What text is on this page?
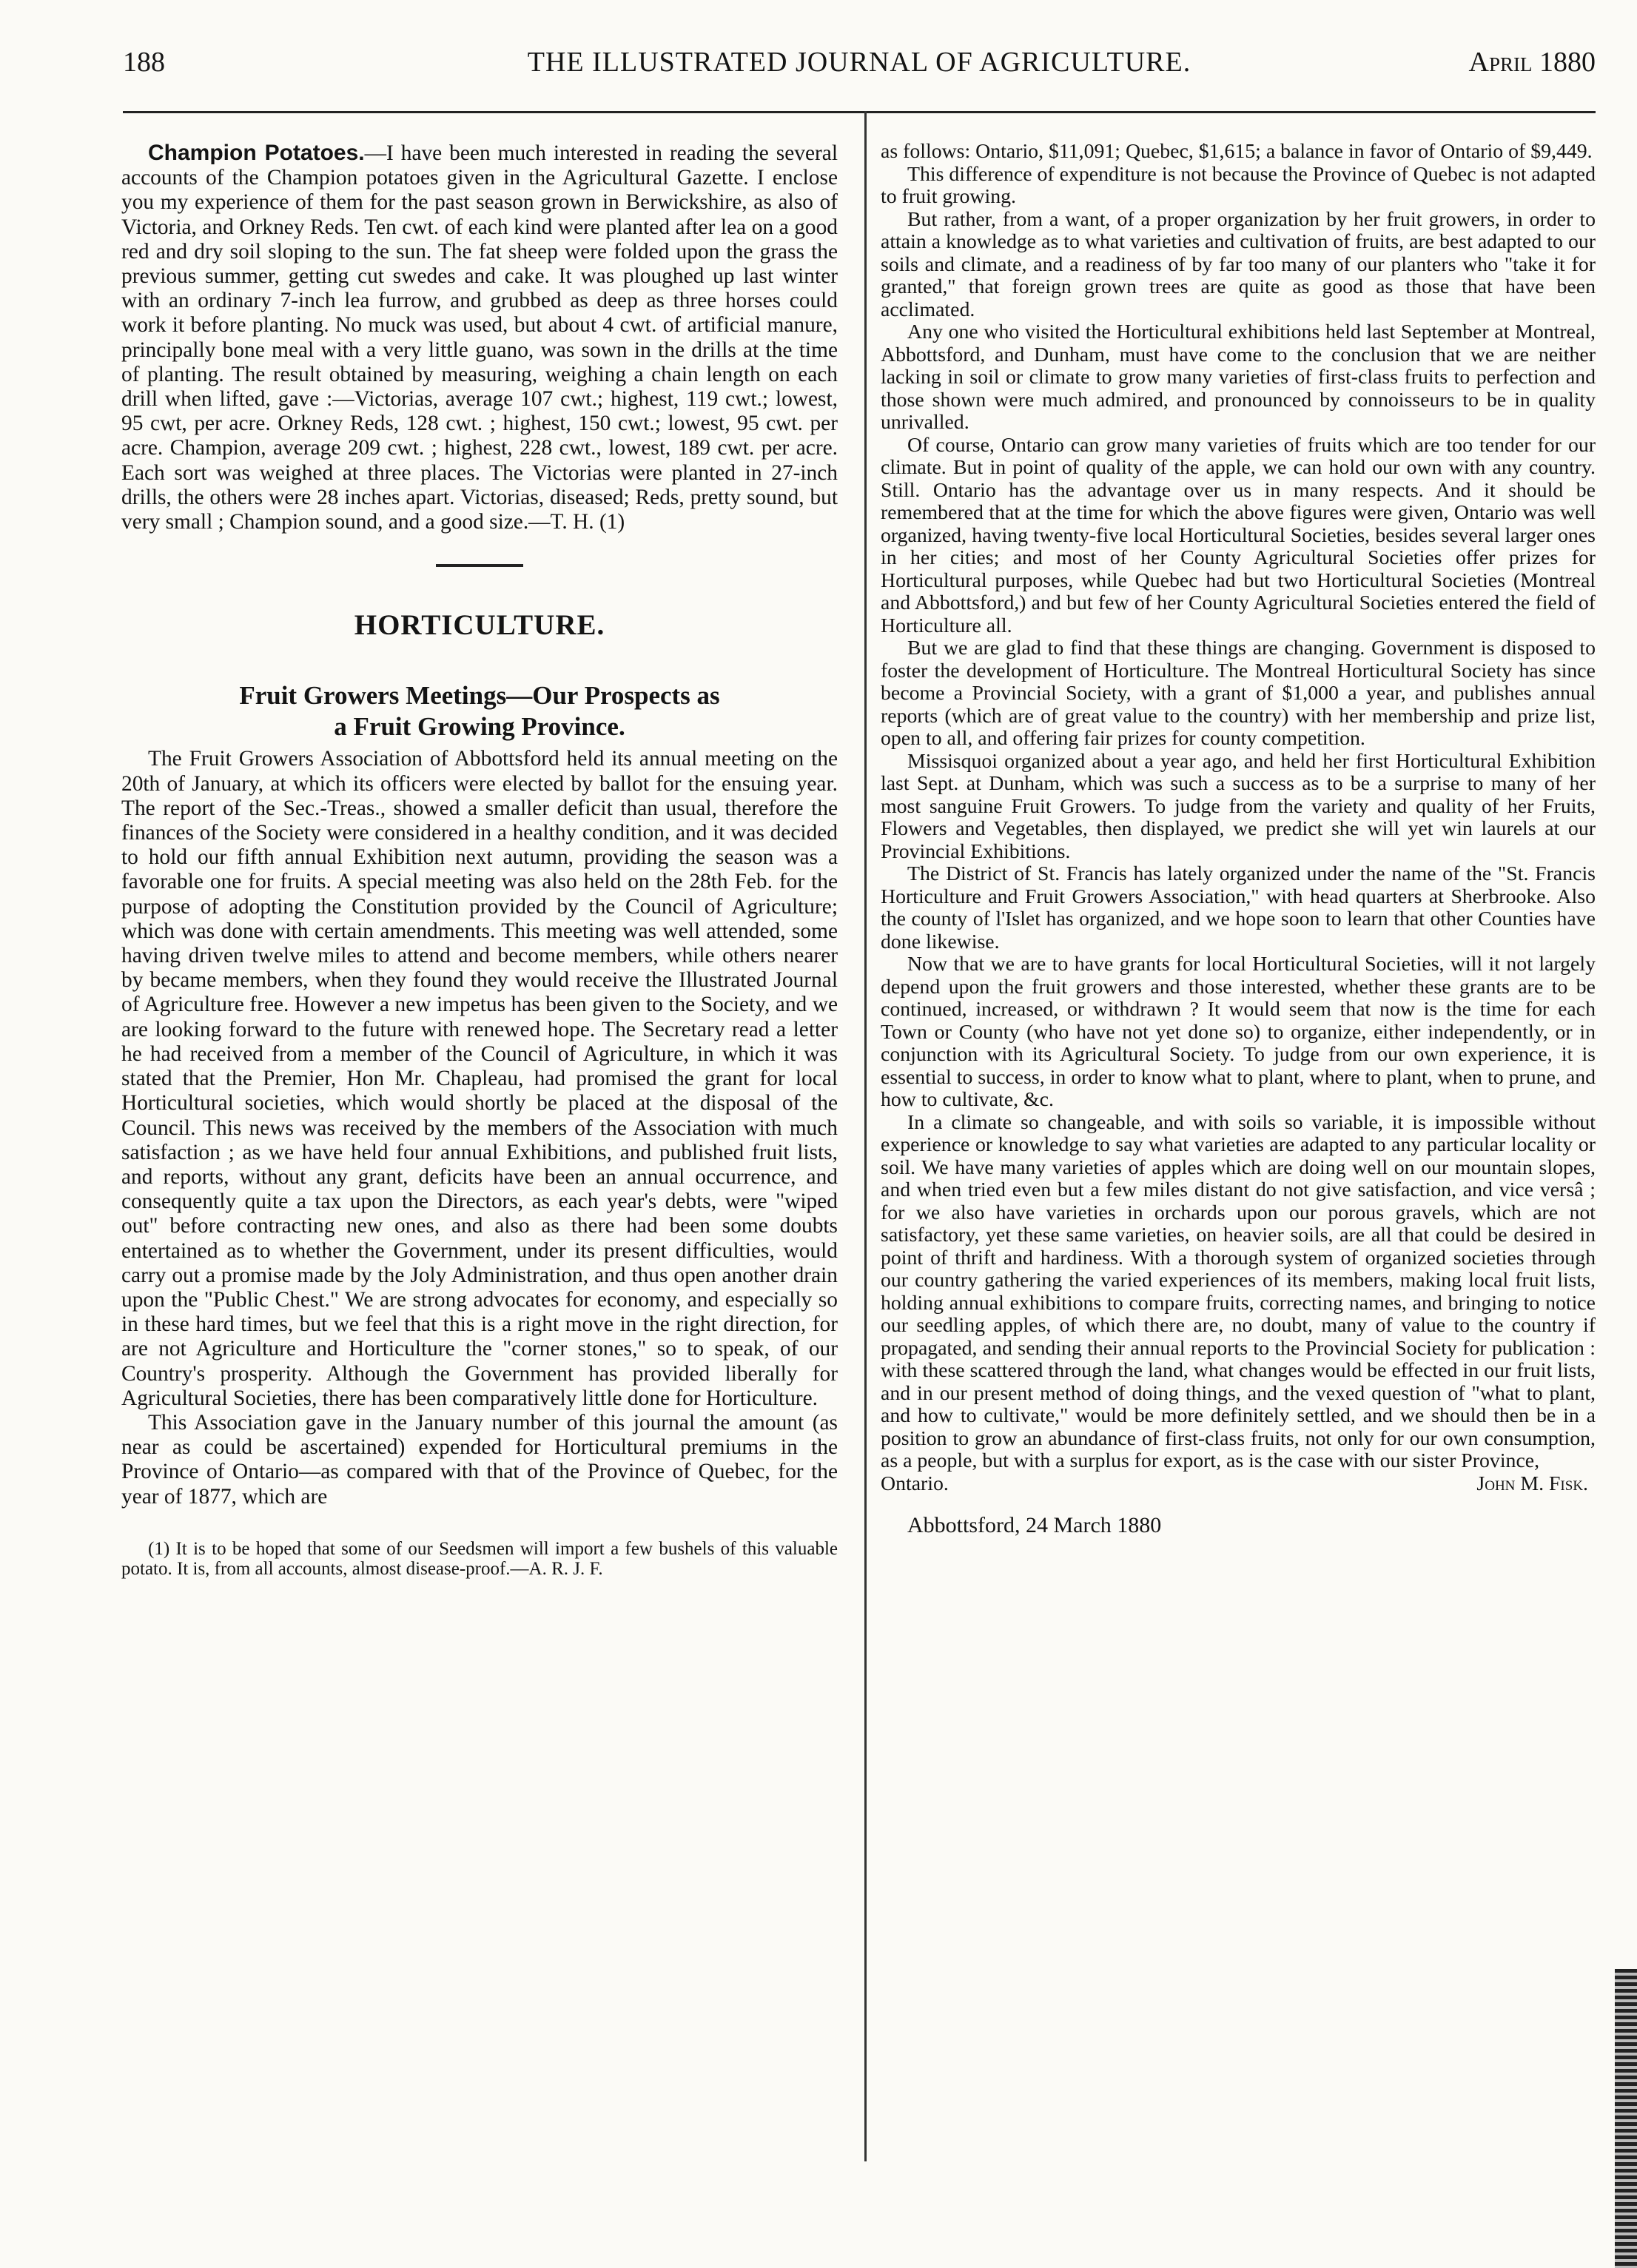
188	THE ILLUSTRATED JOURNAL OF AGRICULTURE.	April 1880

Champion Potatoes.—I have been much interested in reading the several accounts of the Champion potatoes given in the Agricultural Gazette. I enclose you my experience of them for the past season grown in Berwickshire, as also of Victoria, and Orkney Reds. Ten cwt. of each kind were planted after lea on a good red and dry soil sloping to the sun. The fat sheep were folded upon the grass the previous summer, getting cut swedes and cake. It was ploughed up last winter with an ordinary 7-inch lea furrow, and grubbed as deep as three horses could work it before planting. No muck was used, but about 4 cwt. of artificial manure, principally bone meal with a very little guano, was sown in the drills at the time of planting. The result obtained by measuring, weighing a chain length on each drill when lifted, gave :—Victorias, average 107 cwt.; highest, 119 cwt.; lowest, 95 cwt, per acre. Orkney Reds, 128 cwt. ; highest, 150 cwt.; lowest, 95 cwt. per acre. Champion, average 209 cwt. ; highest, 228 cwt., lowest, 189 cwt. per acre. Each sort was weighed at three places. The Victorias were planted in 27-inch drills, the others were 28 inches apart. Victorias, diseased; Reds, pretty sound, but very small ; Champion sound, and a good size.—T. H. (1)

HORTICULTURE.
Fruit Growers Meetings—Our Prospects as
a Fruit Growing Province.

The Fruit Growers Association of Abbottsford held its annual meeting on the 20th of January, at which its officers were elected by ballot for the ensuing year. The report of the Sec.-Treas., showed a smaller deficit than usual, therefore the finances of the Society were considered in a healthy condition, and it was decided to hold our fifth annual Exhibition next autumn, providing the season was a favorable one for fruits. A special meeting was also held on the 28th Feb. for the purpose of adopting the Constitution provided by the Council of Agriculture; which was done with certain amendments. This meeting was well attended, some having driven twelve miles to attend and become members, while others nearer by became members, when they found they would receive the Illustrated Journal of Agriculture free. However a new impetus has been given to the Society, and we are looking forward to the future with renewed hope. The Secretary read a letter he had received from a member of the Council of Agriculture, in which it was stated that the Premier, Hon Mr. Chapleau, had promised the grant for local Horticultural societies, which would shortly be placed at the disposal of the Council. This news was received by the members of the Association with much satisfaction ; as we have held four annual Exhibitions, and published fruit lists, and reports, without any grant, deficits have been an annual occurrence, and consequently quite a tax upon the Directors, as each year's debts, were "wiped out" before contracting new ones, and also as there had been some doubts entertained as to whether the Government, under its present difficulties, would carry out a promise made by the Joly Administration, and thus open another drain upon the "Public Chest." We are strong advocates for economy, and especially so in these hard times, but we feel that this is a right move in the right direction, for are not Agriculture and Horticulture the "corner stones," so to speak, of our Country's prosperity. Although the Government has provided liberally for Agricultural Societies, there has been comparatively little done for Horticulture.

This Association gave in the January number of this journal the amount (as near as could be ascertained) expended for Horticultural premiums in the Province of Ontario—as compared with that of the Province of Quebec, for the year of 1877, which are

(1) It is to be hoped that some of our Seedsmen will import a few bushels of this valuable potato. It is, from all accounts, almost disease-proof.—A. R. J. F.

as follows: Ontario, $11,091; Quebec, $1,615; a balance in favor of Ontario of $9,449.

This difference of expenditure is not because the Province of Quebec is not adapted to fruit growing.

But rather, from a want, of a proper organization by her fruit growers, in order to attain a knowledge as to what varieties and cultivation of fruits, are best adapted to our soils and climate, and a readiness of by far too many of our planters who "take it for granted," that foreign grown trees are quite as good as those that have been acclimated.

Any one who visited the Horticultural exhibitions held last September at Montreal, Abbottsford, and Dunham, must have come to the conclusion that we are neither lacking in soil or climate to grow many varieties of first-class fruits to perfection and those shown were much admired, and pronounced by connoisseurs to be in quality unrivalled.

Of course, Ontario can grow many varieties of fruits which are too tender for our climate. But in point of quality of the apple, we can hold our own with any country. Still. Ontario has the advantage over us in many respects. And it should be remembered that at the time for which the above figures were given, Ontario was well organized, having twenty-five local Horticultural Societies, besides several larger ones in her cities; and most of her County Agricultural Societies offer prizes for Horticultural purposes, while Quebec had but two Horticultural Societies (Montreal and Abbottsford,) and but few of her County Agricultural Societies entered the field of Horticulture all.

But we are glad to find that these things are changing. Government is disposed to foster the development of Horticulture. The Montreal Horticultural Society has since become a Provincial Society, with a grant of $1,000 a year, and publishes annual reports (which are of great value to the country) with her membership and prize list, open to all, and offering fair prizes for county competition.

Missisquoi organized about a year ago, and held her first Horticultural Exhibition last Sept. at Dunham, which was such a success as to be a surprise to many of her most sanguine Fruit Growers. To judge from the variety and quality of her Fruits, Flowers and Vegetables, then displayed, we predict she will yet win laurels at our Provincial Exhibitions.

The District of St. Francis has lately organized under the name of the "St. Francis Horticulture and Fruit Growers Association," with head quarters at Sherbrooke. Also the county of l'Islet has organized, and we hope soon to learn that other Counties have done likewise.

Now that we are to have grants for local Horticultural Societies, will it not largely depend upon the fruit growers and those interested, whether these grants are to be continued, increased, or withdrawn ? It would seem that now is the time for each Town or County (who have not yet done so) to organize, either independently, or in conjunction with its Agricultural Society. To judge from our own experience, it is essential to success, in order to know what to plant, where to plant, when to prune, and how to cultivate, &c.

In a climate so changeable, and with soils so variable, it is impossible without experience or knowledge to say what varieties are adapted to any particular locality or soil. We have many varieties of apples which are doing well on our mountain slopes, and when tried even but a few miles distant do not give satisfaction, and vice versâ ; for we also have varieties in orchards upon our porous gravels, which are not satisfactory, yet these same varieties, on heavier soils, are all that could be desired in point of thrift and hardiness. With a thorough system of organized societies through our country gathering the varied experiences of its members, making local fruit lists, holding annual exhibitions to compare fruits, correcting names, and bringing to notice our seedling apples, of which there are, no doubt, many of value to the country if propagated, and sending their annual reports to the Provincial Society for publication : with these scattered through the land, what changes would be effected in our fruit lists, and in our present method of doing things, and the vexed question of "what to plant, and how to cultivate," would be more definitely settled, and we should then be in a position to grow an abundance of first-class fruits, not only for our own consumption, as a people, but with a surplus for export, as is the case with our sister Province,

Ontario.	John M. Fisk.
Abbottsford, 24 March 1880
